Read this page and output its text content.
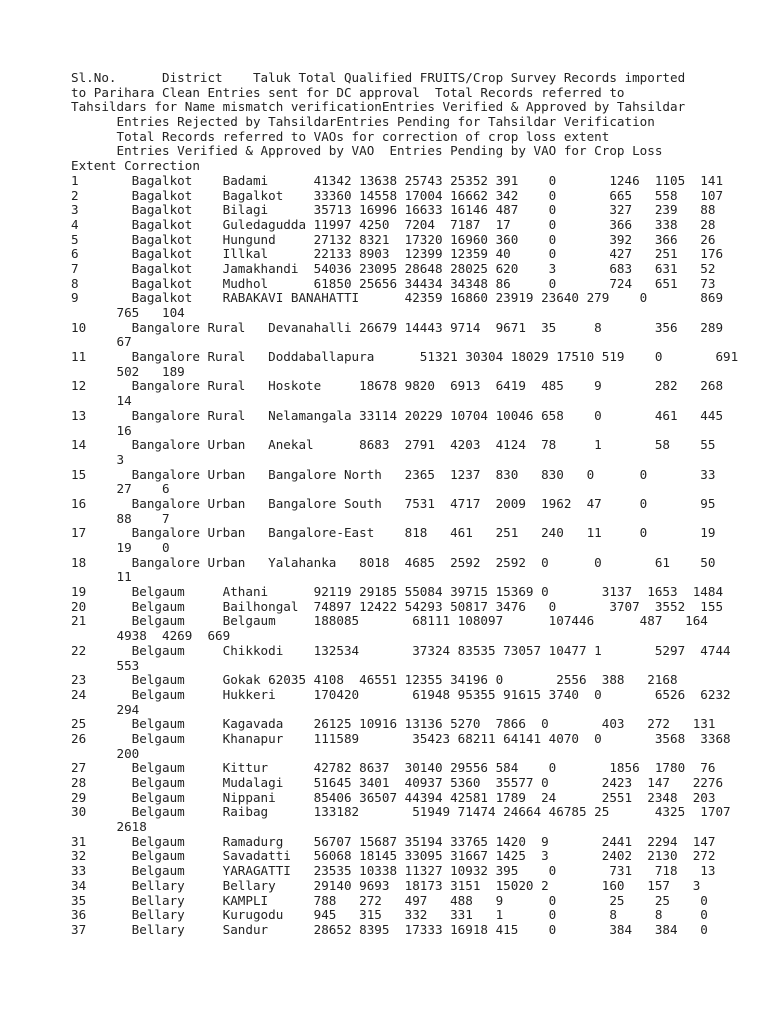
Sl.No.      District    Taluk Total Qualified FRUITS/Crop Survey Records imported
to Parihara Clean Entries sent for DC approval  Total Records referred to
Tahsildars for Name mismatch verificationEntries Verified & Approved by Tahsildar
Entries Rejected by TahsildarEntries Pending for Tahsildar Verification
Total Records referred to VAOs for correction of crop loss extent
Entries Verified & Approved by VAO  Entries Pending by VAO for Crop Loss
Extent Correction
1       Bagalkot    Badami      41342 13638 25743 25352 391    0       1246  1105  141
2       Bagalkot    Bagalkot    33360 14558 17004 16662 342    0       665   558   107
3       Bagalkot    Bilagi      35713 16996 16633 16146 487    0       327   239   88
4       Bagalkot    Guledagudda 11997 4250  7204  7187  17     0       366   338   28
5       Bagalkot    Hungund     27132 8321  17320 16960 360    0       392   366   26
6       Bagalkot    Illkal      22133 8903  12399 12359 40     0       427   251   176
7       Bagalkot    Jamakhandi  54036 23095 28648 28025 620    3       683   631   52
8       Bagalkot    Mudhol      61850 25656 34434 34348 86     0       724   651   73
9       Bagalkot    RABAKAVI BANAHATTI      42359 16860 23919 23640 279    0       869
765   104
10      Bangalore Rural   Devanahalli 26679 14443 9714  9671  35     8       356   289
67
11      Bangalore Rural   Doddaballapura      51321 30304 18029 17510 519    0       691
502   189
12      Bangalore Rural   Hoskote     18678 9820  6913  6419  485    9       282   268
14
13      Bangalore Rural   Nelamangala 33114 20229 10704 10046 658    0       461   445
16
14      Bangalore Urban   Anekal      8683  2791  4203  4124  78     1       58    55
3
15      Bangalore Urban   Bangalore North   2365  1237  830   830   0      0       33
27    6
16      Bangalore Urban   Bangalore South   7531  4717  2009  1962  47     0       95
88    7
17      Bangalore Urban   Bangalore-East    818   461   251   240   11     0       19
19    0
18      Bangalore Urban   Yalahanka   8018  4685  2592  2592  0      0       61    50
11
19      Belgaum     Athani      92119 29185 55084 39715 15369 0       3137  1653  1484
20      Belgaum     Bailhongal  74897 12422 54293 50817 3476   0       3707  3552  155
21      Belgaum     Belgaum     188085       68111 108097      107446      487   164
4938  4269  669
22      Belgaum     Chikkodi    132534       37324 83535 73057 10477 1       5297  4744
553
23      Belgaum     Gokak 62035 4108  46551 12355 34196 0       2556  388   2168
24      Belgaum     Hukkeri     170420       61948 95355 91615 3740  0       6526  6232
294
25      Belgaum     Kagavada    26125 10916 13136 5270  7866  0       403   272   131
26      Belgaum     Khanapur    111589       35423 68211 64141 4070  0       3568  3368
200
27      Belgaum     Kittur      42782 8637  30140 29556 584    0       1856  1780  76
28      Belgaum     Mudalagi    51645 3401  40937 5360  35577 0       2423  147   2276
29      Belgaum     Nippani     85406 36507 44394 42581 1789  24      2551  2348  203
30      Belgaum     Raibag      133182       51949 71474 24664 46785 25      4325  1707
2618
31      Belgaum     Ramadurg    56707 15687 35194 33765 1420  9       2441  2294  147
32      Belgaum     Savadatti   56068 18145 33095 31667 1425  3       2402  2130  272
33      Belgaum     YARAGATTI   23535 10338 11327 10932 395    0       731   718   13
34      Bellary     Bellary     29140 9693  18173 3151  15020 2       160   157   3
35      Bellary     KAMPLI      788   272   497   488   9      0       25    25    0
36      Bellary     Kurugodu    945   315   332   331   1      0       8     8     0
37      Bellary     Sandur      28652 8395  17333 16918 415    0       384   384   0
